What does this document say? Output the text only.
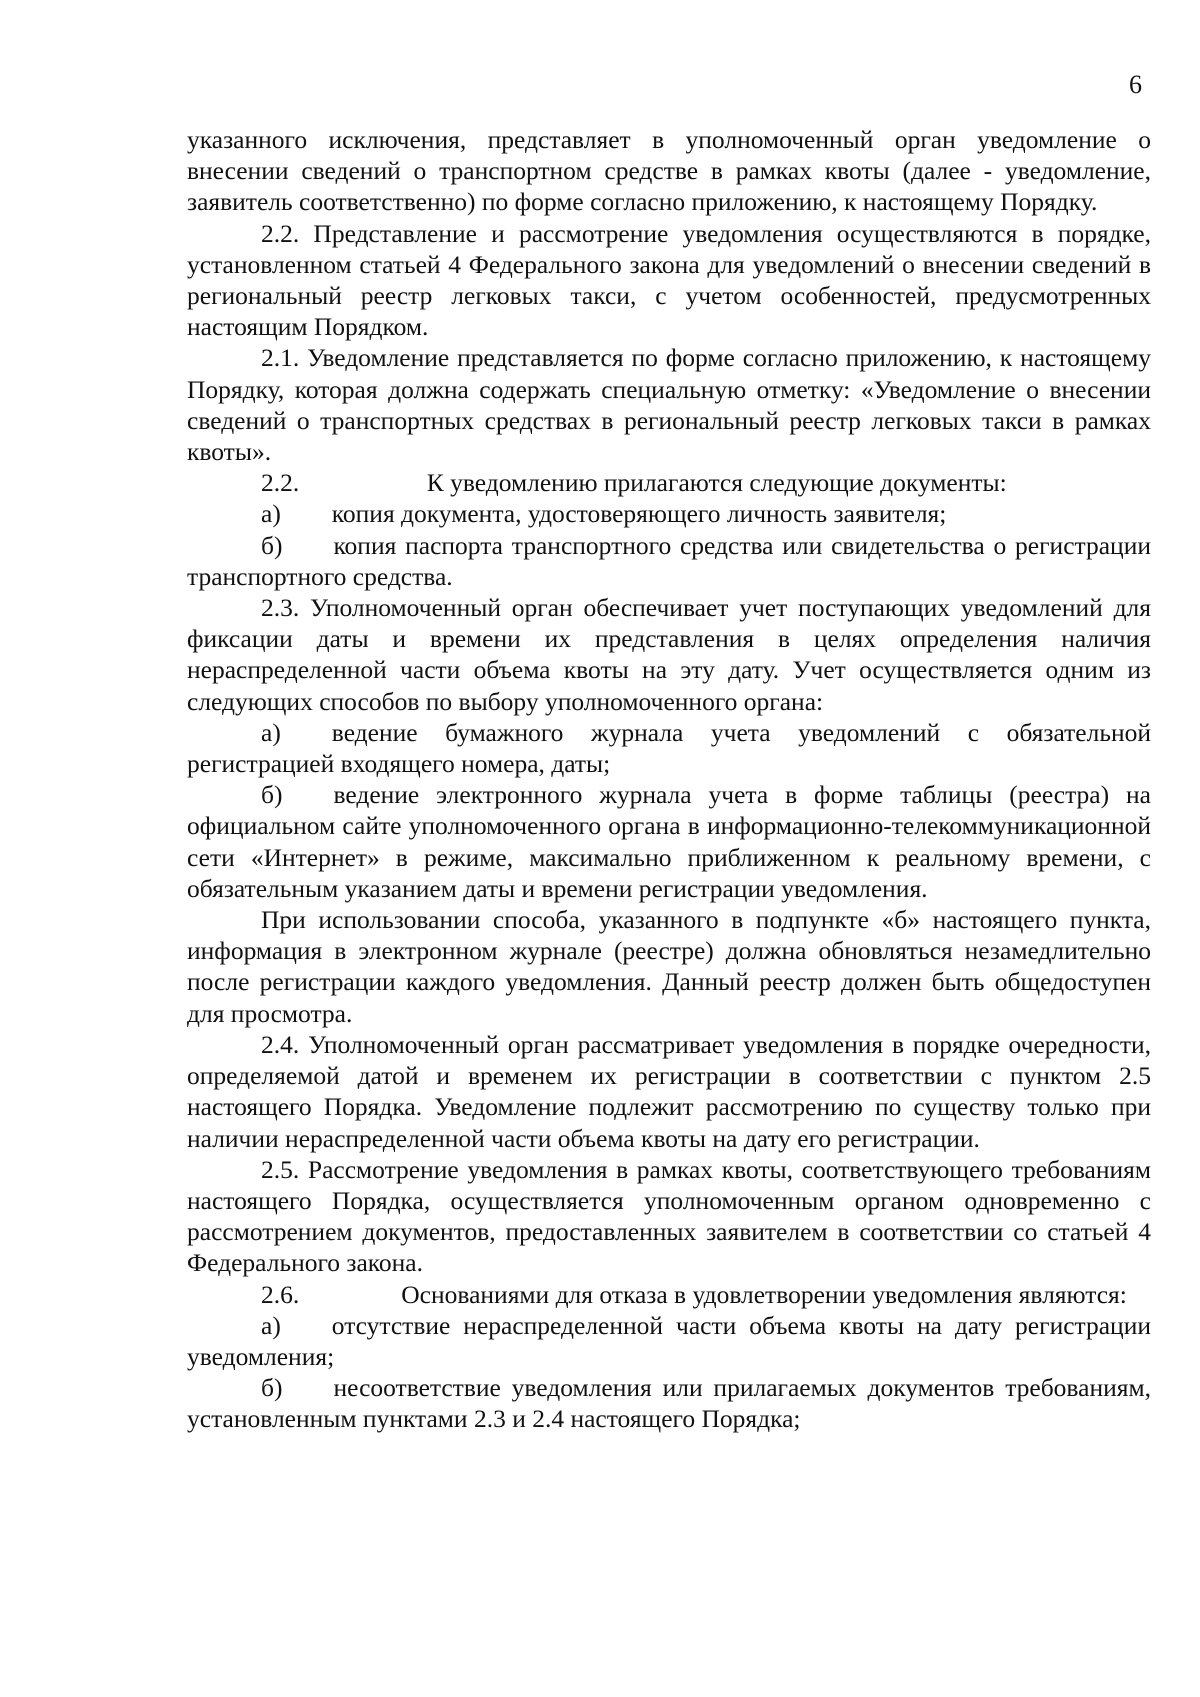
6

указанного исключения, представляет в уполномоченный орган уведомление о внесении сведений о транспортном средстве в рамках квоты (далее - уведомление, заявитель соответственно) по форме согласно приложению, к настоящему Порядку.

2.2. Представление и рассмотрение уведомления осуществляются в порядке, установленном статьей 4 Федерального закона для уведомлений о внесении сведений в региональный реестр легковых такси, с учетом особенностей, предусмотренных настоящим Порядком.

2.1. Уведомление представляется по форме согласно приложению, к настоящему Порядку, которая должна содержать специальную отметку: «Уведомление о внесении сведений о транспортных средствах в региональный реестр легковых такси в рамках квоты».

2.2.     К уведомлению прилагаются следующие документы:

а)  копия документа, удостоверяющего личность заявителя;

б)  копия паспорта транспортного средства или свидетельства о регистрации транспортного средства.

2.3. Уполномоченный орган обеспечивает учет поступающих уведомлений для фиксации даты и времени их представления в целях определения наличия нераспределенной части объема квоты на эту дату. Учет осуществляется одним из следующих способов по выбору уполномоченного органа:

а)  ведение бумажного журнала учета уведомлений с обязательной регистрацией входящего номера, даты;

б)  ведение электронного журнала учета в форме таблицы (реестра) на официальном сайте уполномоченного органа в информационно-телекоммуникационной сети «Интернет» в режиме, максимально приближенном к реальному времени, с обязательным указанием даты и времени регистрации уведомления.

При использовании способа, указанного в подпункте «б» настоящего пункта, информация в электронном журнале (реестре) должна обновляться незамедлительно после регистрации каждого уведомления. Данный реестр должен быть общедоступен для просмотра.

2.4. Уполномоченный орган рассматривает уведомления в порядке очередности, определяемой датой и временем их регистрации в соответствии с пунктом 2.5 настоящего Порядка. Уведомление подлежит рассмотрению по существу только при наличии нераспределенной части объема квоты на дату его регистрации.

2.5. Рассмотрение уведомления в рамках квоты, соответствующего требованиям настоящего Порядка, осуществляется уполномоченным органом одновременно с рассмотрением документов, предоставленных заявителем в соответствии со статьей 4 Федерального закона.

2.6.    Основаниями для отказа в удовлетворении уведомления являются:

а)  отсутствие нераспределенной части объема квоты на дату регистрации уведомления;

б)  несоответствие уведомления или прилагаемых документов требованиям, установленным пунктами 2.3 и 2.4 настоящего Порядка;
